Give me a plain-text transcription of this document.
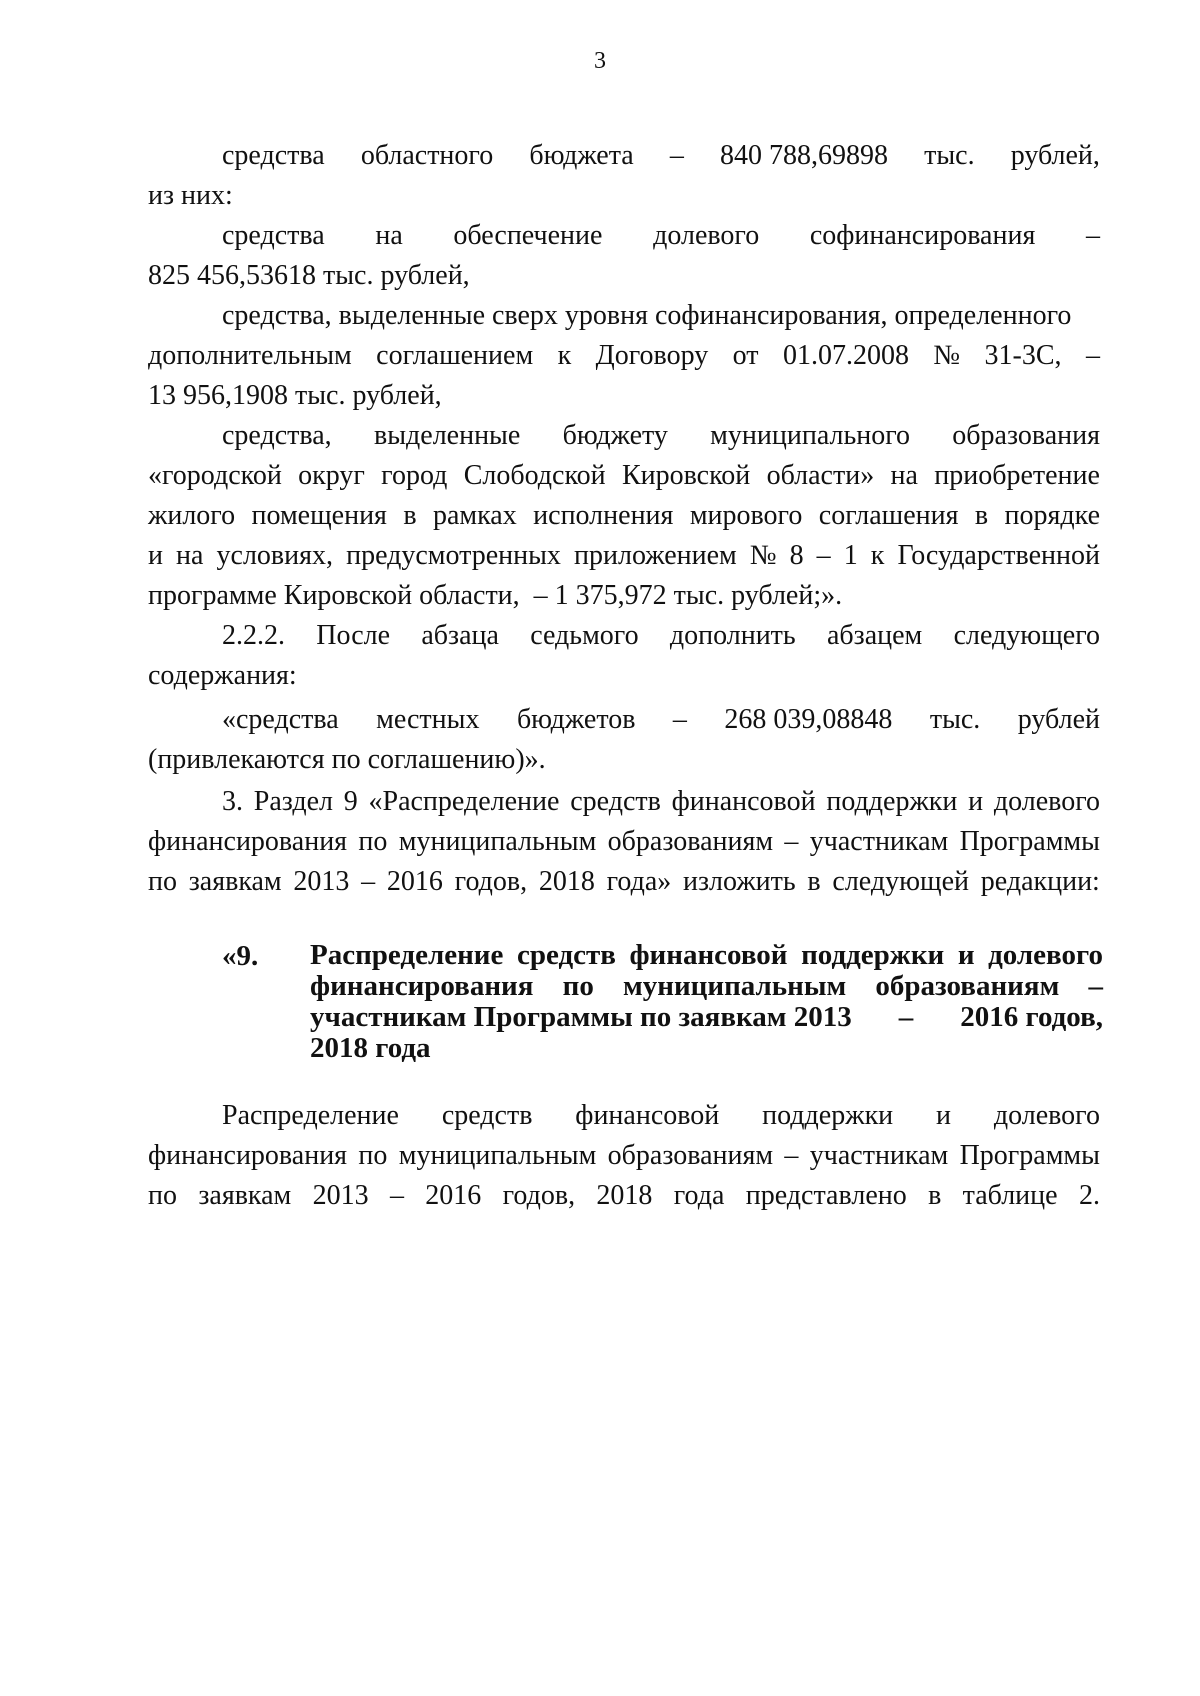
3
средства областного бюджета – 840 788,69898 тыс. рублей,
из них:
средства на обеспечение долевого софинансирования –
825 456,53618 тыс. рублей,
средства, выделенные сверх уровня софинансирования, определенного
дополнительным соглашением к Договору от 01.07.2008 № 31-3С, –
13 956,1908 тыс. рублей,
средства, выделенные бюджету муниципального образования
«городской округ город Слободской Кировской области» на приобретение
жилого помещения в рамках исполнения мирового соглашения в порядке
и на условиях, предусмотренных приложением № 8 – 1 к Государственной
программе Кировской области,  – 1 375,972 тыс. рублей;».
2.2.2. После абзаца седьмого дополнить абзацем следующего
содержания:
«средства местных бюджетов – 268 039,08848 тыс. рублей
(привлекаются по соглашению)».
3. Раздел 9 «Распределение средств финансовой поддержки и долевого
финансирования по муниципальным образованиям – участникам Программы
по заявкам 2013 – 2016 годов, 2018 года» изложить в следующей редакции:
«9. Распределение средств финансовой поддержки и долевого
финансирования по муниципальным образованиям –
участникам Программы по заявкам 2013 – 2016 годов,
2018 года
Распределение средств финансовой поддержки и долевого
финансирования по муниципальным образованиям – участникам Программы
по заявкам 2013 – 2016 годов, 2018 года представлено в таблице 2.
